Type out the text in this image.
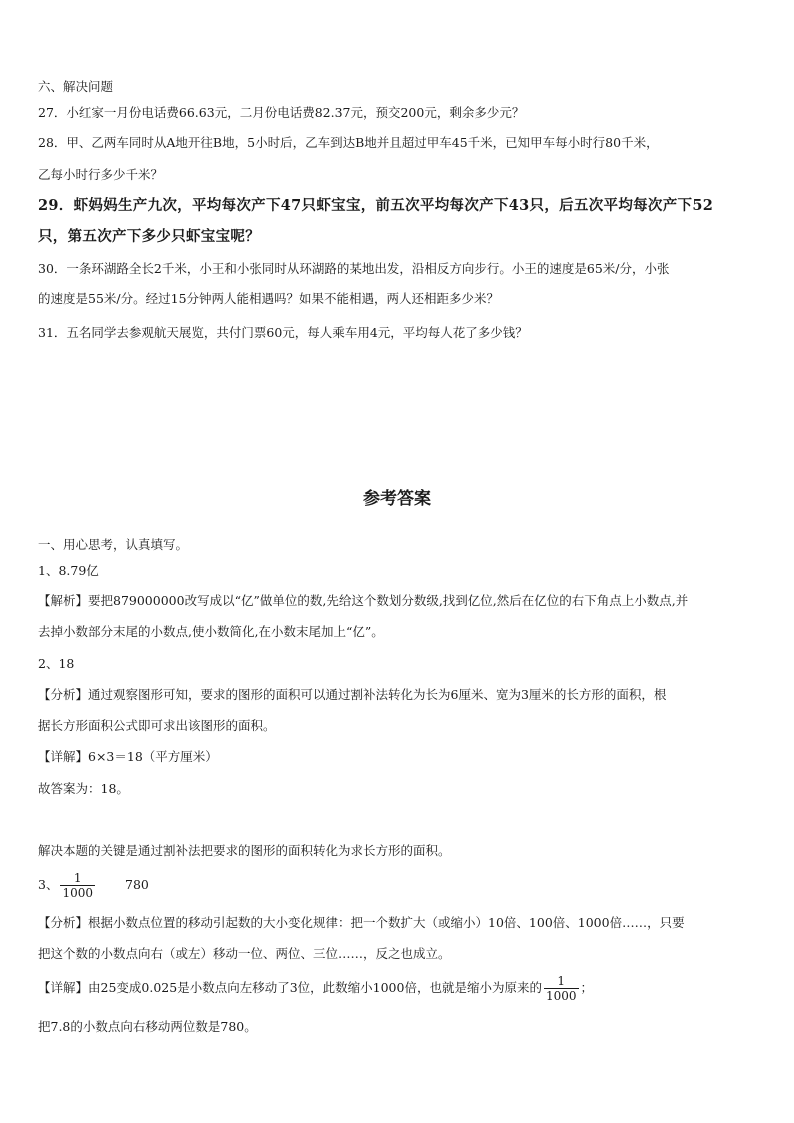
六、解决问题
27．小红家一月份电话费66.63元，二月份电话费82.37元，预交200元，剩余多少元？
28．甲、乙两车同时从A地开往B地，5小时后，乙车到达B地并且超过甲车45千米，已知甲车每小时行80千米，
乙每小时行多少千米？
29．虾妈妈生产九次，平均每次产下47只虾宝宝，前五次平均每次产下43只，后五次平均每次产下52
只，第五次产下多少只虾宝宝呢？
30．一条环湖路全长2千米，小王和小张同时从环湖路的某地出发，沿相反方向步行。小王的速度是65米/分，小张
的速度是55米/分。经过15分钟两人能相遇吗？如果不能相遇，两人还相距多少米？
31．五名同学去参观航天展览，共付门票60元，每人乘车用4元，平均每人花了多少钱？
参考答案
一、用心思考，认真填写。
1、8.79亿
【解析】要把879000000改写成以“亿”做单位的数,先给这个数划分数级,找到亿位,然后在亿位的右下角点上小数点,并
去掉小数部分末尾的小数点,使小数简化,在小数末尾加上“亿”。
2、18
【分析】通过观察图形可知，要求的图形的面积可以通过割补法转化为长为6厘米、宽为3厘米的长方形的面积，根
据长方形面积公式即可求出该图形的面积。
【详解】6×3＝18（平方厘米）
故答案为：18。
解决本题的关键是通过割补法把要求的图形的面积转化为求长方形的面积。
3、 $\frac{1}{1000} 780$
【分析】根据小数点位置的移动引起数的大小变化规律：把一个数扩大（或缩小）10倍、100倍、1000倍……，只要
把这个数的小数点向右（或左）移动一位、两位、三位……，反之也成立。
【详解】由25变成0.025是小数点向左移动了3位，此数缩小1000倍，也就是缩小为原来的 $\frac{1}{1000}$ ；
把7.8的小数点向右移动两位数是780。
